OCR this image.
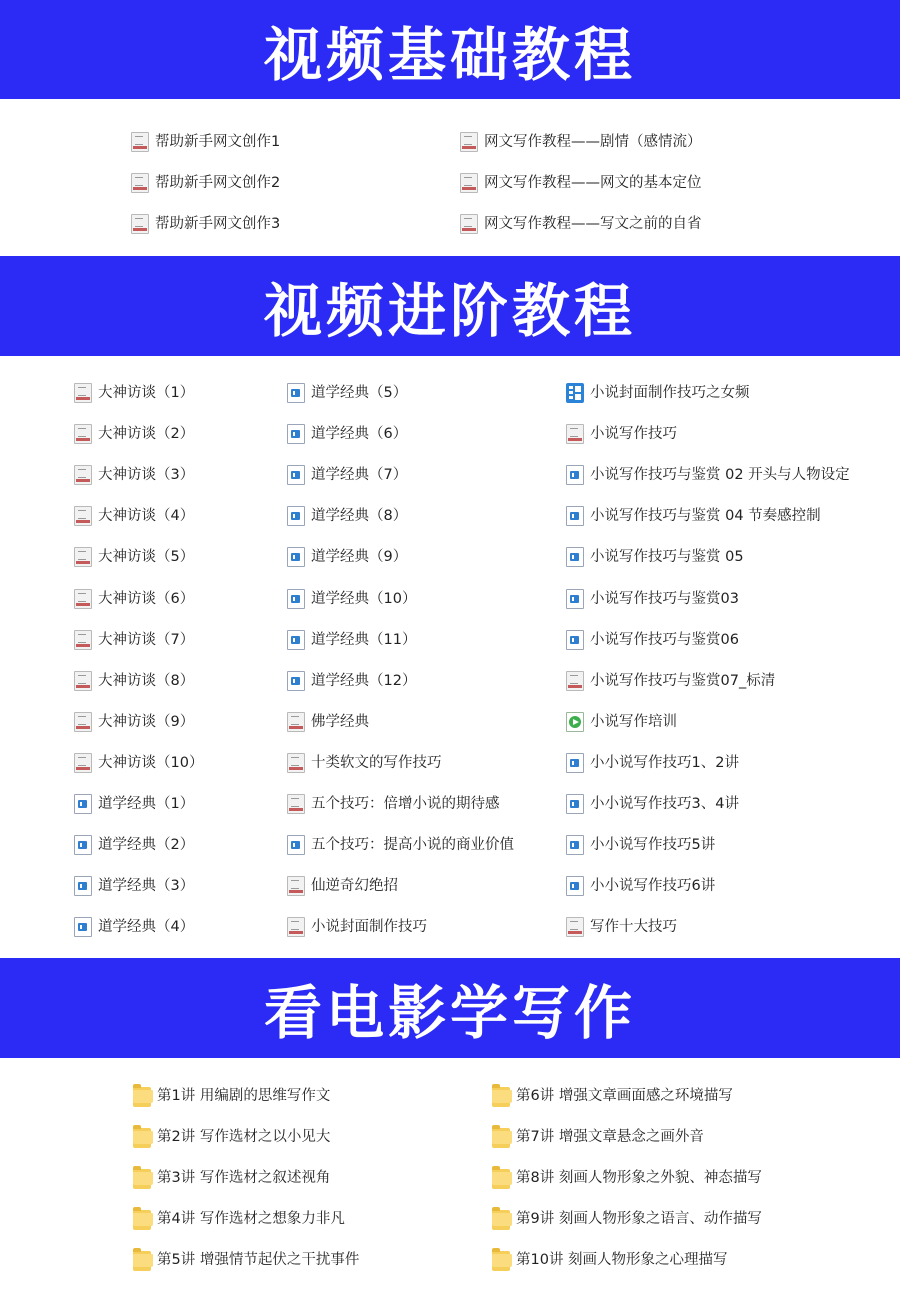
视频基础教程
帮助新手网文创作1
帮助新手网文创作2
帮助新手网文创作3
网文写作教程——剧情（感情流）
网文写作教程——网文的基本定位
网文写作教程——写文之前的自省
视频进阶教程
大神访谈（1）
大神访谈（2）
大神访谈（3）
大神访谈（4）
大神访谈（5）
大神访谈（6）
大神访谈（7）
大神访谈（8）
大神访谈（9）
大神访谈（10）
道学经典（1）
道学经典（2）
道学经典（3）
道学经典（4）
道学经典（5）
道学经典（6）
道学经典（7）
道学经典（8）
道学经典（9）
道学经典（10）
道学经典（11）
道学经典（12）
佛学经典
十类软文的写作技巧
五个技巧：倍增小说的期待感
五个技巧：提高小说的商业价值
仙逆奇幻绝招
小说封面制作技巧
小说封面制作技巧之女频
小说写作技巧
小说写作技巧与鉴赏 02 开头与人物设定
小说写作技巧与鉴赏 04 节奏感控制
小说写作技巧与鉴赏 05
小说写作技巧与鉴赏03
小说写作技巧与鉴赏06
小说写作技巧与鉴赏07_标清
小说写作培训
小小说写作技巧1、2讲
小小说写作技巧3、4讲
小小说写作技巧5讲
小小说写作技巧6讲
写作十大技巧
看电影学写作
第1讲 用编剧的思维写作文
第2讲 写作选材之以小见大
第3讲 写作选材之叙述视角
第4讲 写作选材之想象力非凡
第5讲 增强情节起伏之干扰事件
第6讲 增强文章画面感之环境描写
第7讲 增强文章悬念之画外音
第8讲 刻画人物形象之外貌、神态描写
第9讲 刻画人物形象之语言、动作描写
第10讲 刻画人物形象之心理描写
